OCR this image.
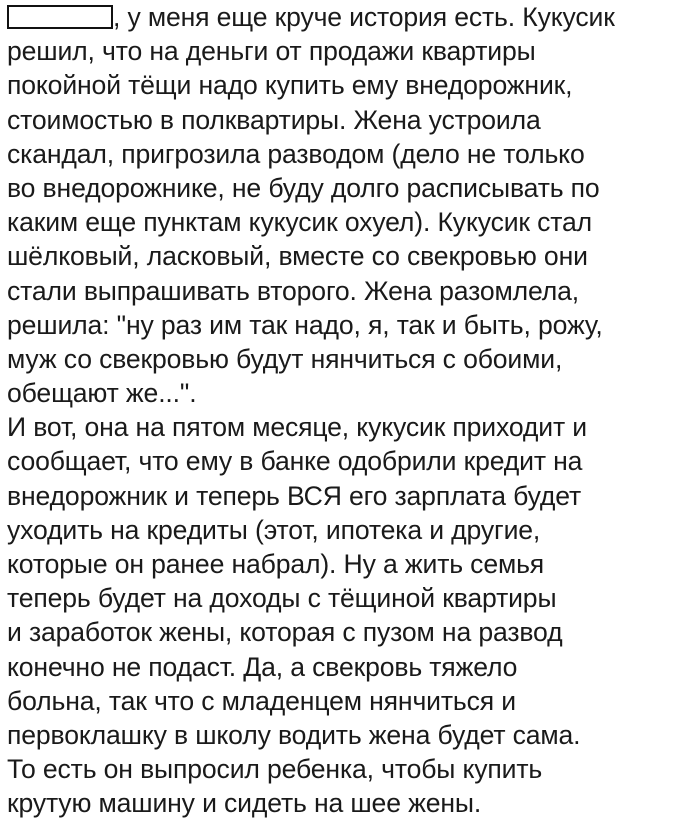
, у меня еще круче история есть. Кукусик
решил, что на деньги от продажи квартиры
покойной тёщи надо купить ему внедорожник,
стоимостью в полквартиры. Жена устроила
скандал, пригрозила разводом (дело не только
во внедорожнике, не буду долго расписывать по
каким еще пунктам кукусик охуел). Кукусик стал
шёлковый, ласковый, вместе со свекровью они
стали выпрашивать второго. Жена разомлела,
решила: "ну раз им так надо, я, так и быть, рожу,
муж со свекровью будут нянчиться с обоими,
обещают же...".
И вот, она на пятом месяце, кукусик приходит и
сообщает, что ему в банке одобрили кредит на
внедорожник и теперь ВСЯ его зарплата будет
уходить на кредиты (этот, ипотека и другие,
которые он ранее набрал). Ну а жить семья
теперь будет на доходы с тёщиной квартиры
и заработок жены, которая с пузом на развод
конечно не подаст. Да, а свекровь тяжело
больна, так что с младенцем нянчиться и
первоклашку в школу водить жена будет сама.
То есть он выпросил ребенка, чтобы купить
крутую машину и сидеть на шее жены.
